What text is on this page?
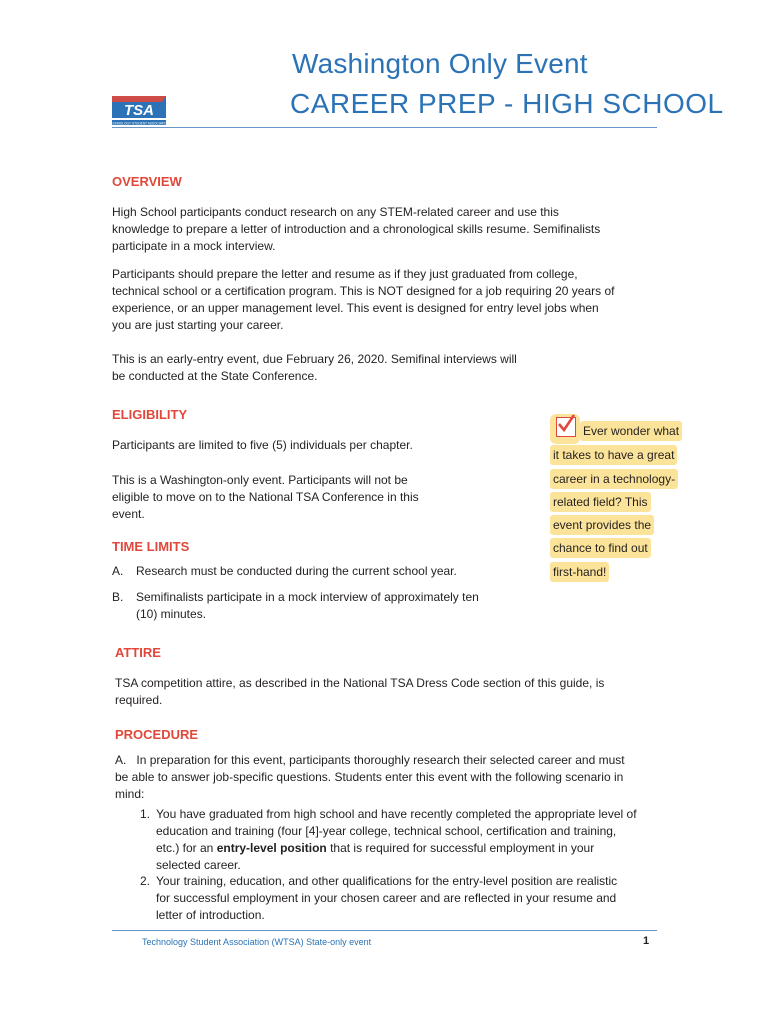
TSA
TECHNOLOGY STUDENT ASSOCIATION
Washington Only Event
CAREER PREP - HIGH SCHOOL
OVERVIEW
High School participants conduct research on any STEM-related career and use this knowledge to prepare a letter of introduction and a chronological skills resume. Semifinalists participate in a mock interview.
Participants should prepare the letter and resume as if they just graduated from college, technical school or a certification program. This is NOT designed for a job requiring 20 years of experience, or an upper management level. This event is designed for entry level jobs when you are just starting your career.
This is an early-entry event, due February 26, 2020. Semifinal interviews will be conducted at the State Conference.
ELIGIBILITY
Participants are limited to five (5) individuals per chapter.
This is a Washington-only event. Participants will not be eligible to move on to the National TSA Conference in this event.
Ever wonder what
it takes to have a great
career in a technology-
related field? This
event provides the
chance to find out
first-hand!
TIME LIMITS
A. Research must be conducted during the current school year.
B. Semifinalists participate in a mock interview of approximately ten (10) minutes.
ATTIRE
TSA competition attire, as described in the National TSA Dress Code section of this guide, is required.
PROCEDURE
A. In preparation for this event, participants thoroughly research their selected career and must be able to answer job-specific questions. Students enter this event with the following scenario in mind:
1. You have graduated from high school and have recently completed the appropriate level of education and training (four [4]-year college, technical school, certification and training, etc.) for an entry-level position that is required for successful employment in your selected career.
2. Your training, education, and other qualifications for the entry-level position are realistic for successful employment in your chosen career and are reflected in your resume and letter of introduction.
Technology Student Association (WTSA) State-only event	1
